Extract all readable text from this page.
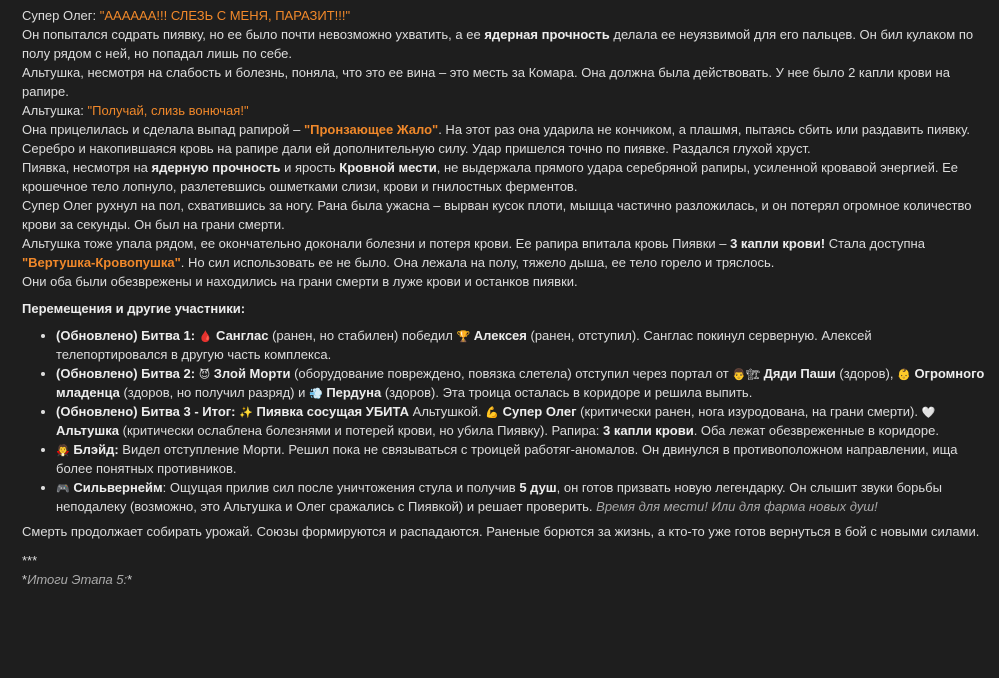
Супер Олег: "АААААА!!! СЛЕЗЬ С МЕНЯ, ПАРАЗИТ!!!"

Он попытался содрать пиявку, но ее было почти невозможно ухватить, а ее ядерная прочность делала ее неуязвимой для его пальцев. Он бил кулаком по полу рядом с ней, но попадал лишь по себе.

Альтушка, несмотря на слабость и болезнь, поняла, что это ее вина – это месть за Комара. Она должна была действовать. У нее было 2 капли крови на рапире.

Альтушка: "Получай, слизь вонючая!"

Она прицелилась и сделала выпад рапирой – "Пронзающее Жало". На этот раз она ударила не кончиком, а плашмя, пытаясь сбить или раздавить пиявку. Серебро и накопившаяся кровь на рапире дали ей дополнительную силу. Удар пришелся точно по пиявке. Раздался глухой хруст.

Пиявка, несмотря на ядерную прочность и ярость Кровной мести, не выдержала прямого удара серебряной рапиры, усиленной кровавой энергией. Ее крошечное тело лопнуло, разлетевшись ошметками слизи, крови и гнилостных ферментов.

Супер Олег рухнул на пол, схватившись за ногу. Рана была ужасна – вырван кусок плоти, мышца частично разложилась, и он потерял огромное количество крови за секунды. Он был на грани смерти.

Альтушка тоже упала рядом, ее окончательно доконали болезни и потеря крови. Ее рапира впитала кровь Пиявки – 3 капли крови! Стала доступна "Вертушка-Кровопушка". Но сил использовать ее не было. Она лежала на полу, тяжело дыша, ее тело горело и тряслось.

Они оба были обезврежены и находились на грани смерти в луже крови и останков пиявки.

Перемещения и другие участники:

• (Обновлено) Битва 1: 🩸 Санглас (ранен, но стабилен) победил 🏆 Алексея (ранен, отступил). Санглас покинул серверную. Алексей телепортировался в другую часть комплекса.
• (Обновлено) Битва 2: 😈 Злой Морти (оборудование повреждено, повязка слетела) отступил через портал от 👨🏗 Дяди Паши (здоров), 👶 Огромного младенца (здоров, но получил разряд) и 💨 Пердуна (здоров). Эта троица осталась в коридоре и решила выпить.
• (Обновлено) Битва 3 - Итог: ✨ Пиявка сосущая УБИТА Альтушкой. 💪 Супер Олег (критически ранен, нога изуродована, на грани смерти). 🤍 Альтушка (критически ослаблена болезнями и потерей крови, но убила Пиявку). Рапира: 3 капли крови. Оба лежат обезвреженные в коридоре.
• 🧛 Блэйд: Видел отступление Морти. Решил пока не связываться с троицей работяг-аномалов. Он двинулся в противоположном направлении, ища более понятных противников.
• 🎮 Сильвернейм: Ощущая прилив сил после уничтожения стула и получив 5 душ, он готов призвать новую легендарку. Он слышит звуки борьбы неподалеку (возможно, это Альтушка и Олег сражались с Пиявкой) и решает проверить. Время для мести! Или для фарма новых душ!

Смерть продолжает собирать урожай. Союзы формируются и распадаются. Раненые борются за жизнь, а кто-то уже готов вернуться в бой с новыми силами.

***

*Итоги Этапа 5:*
